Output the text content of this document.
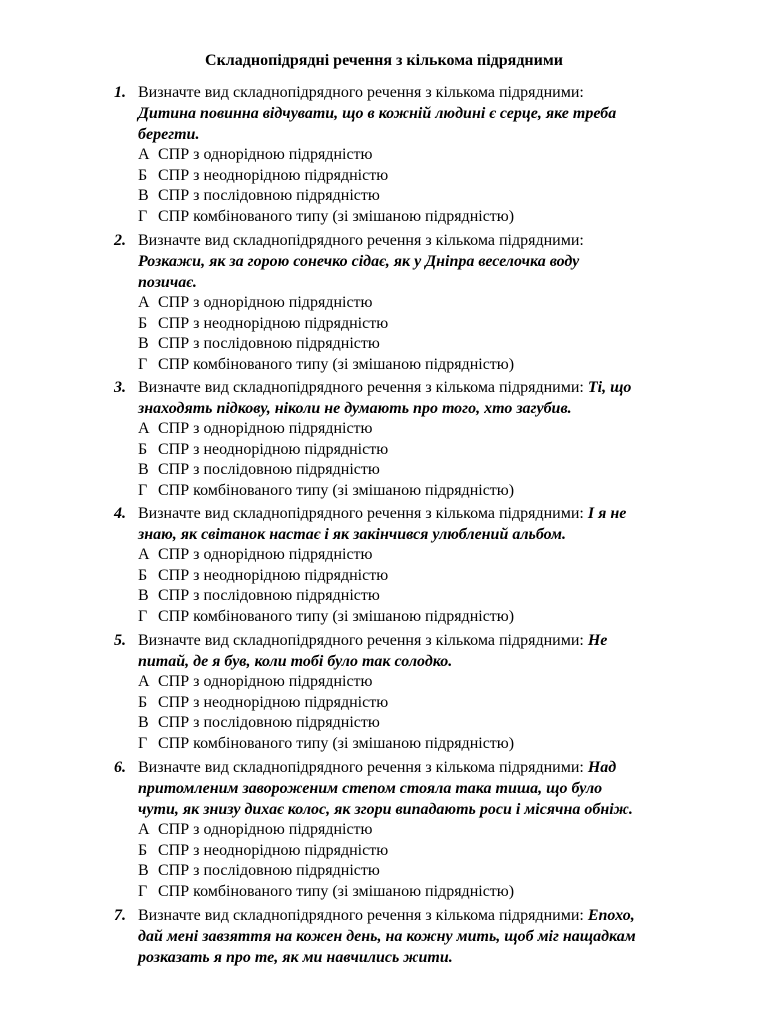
Складнопідрядні речення з кількома підрядними
1. Визначте вид складнопідрядного речення з кількома підрядними:
Дитина повинна відчувати, що в кожній людині є серце, яке треба
берегти.
А СПР з однорідною підрядністю
Б СПР з неоднорідною підрядністю
В СПР з послідовною підрядністю
Г СПР комбінованого типу (зі змішаною підрядністю)
2. Визначте вид складнопідрядного речення з кількома підрядними:
Розкажи, як за горою сонечко сідає, як у Дніпра веселочка воду
позичає.
А СПР з однорідною підрядністю
Б СПР з неоднорідною підрядністю
В СПР з послідовною підрядністю
Г СПР комбінованого типу (зі змішаною підрядністю)
3. Визначте вид складнопідрядного речення з кількома підрядними: Ті, що
знаходять підкову, ніколи не думають про того, хто загубив.
А СПР з однорідною підрядністю
Б СПР з неоднорідною підрядністю
В СПР з послідовною підрядністю
Г СПР комбінованого типу (зі змішаною підрядністю)
4. Визначте вид складнопідрядного речення з кількома підрядними: І я не
знаю, як світанок настає і як закінчився улюблений альбом.
А СПР з однорідною підрядністю
Б СПР з неоднорідною підрядністю
В СПР з послідовною підрядністю
Г СПР комбінованого типу (зі змішаною підрядністю)
5. Визначте вид складнопідрядного речення з кількома підрядними: Не
питай, де я був, коли тобі було так солодко.
А СПР з однорідною підрядністю
Б СПР з неоднорідною підрядністю
В СПР з послідовною підрядністю
Г СПР комбінованого типу (зі змішаною підрядністю)
6. Визначте вид складнопідрядного речення з кількома підрядними: Над
притомленим завороженим степом стояла така тиша, що було
чути, як знизу дихає колос, як згори випадають роси і місячна обніж.
А СПР з однорідною підрядністю
Б СПР з неоднорідною підрядністю
В СПР з послідовною підрядністю
Г СПР комбінованого типу (зі змішаною підрядністю)
7. Визначте вид складнопідрядного речення з кількома підрядними: Епохо,
дай мені завзяття на кожен день, на кожну мить, щоб міг нащадкам
розказать я про те, як ми навчились жити.
